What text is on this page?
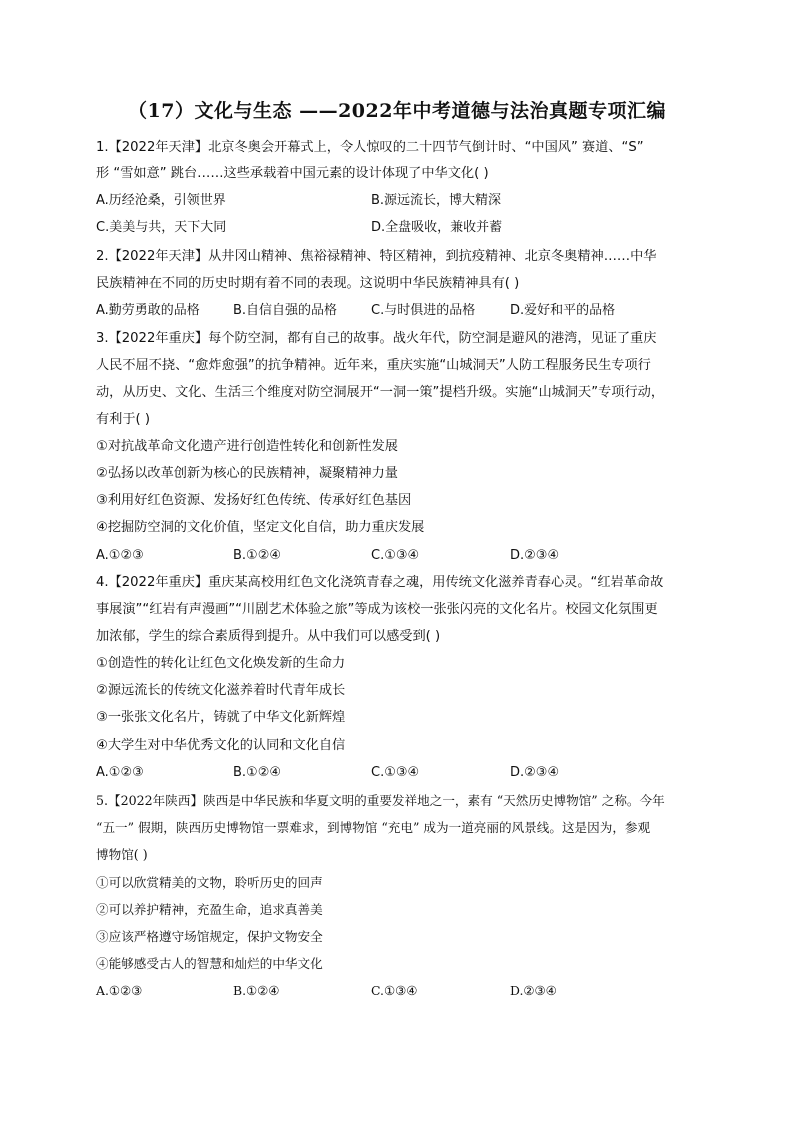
（17）文化与生态 ——2022年中考道德与法治真题专项汇编
1.【2022年天津】北京冬奥会开幕式上，令人惊叹的二十四节气倒计时、“中国风” 赛道、“S”
形 “雪如意” 跳台……这些承载着中国元素的设计体现了中华文化( )
A.历经沧桑，引领世界	B.源远流长，博大精深
C.美美与共，天下大同	D.全盘吸收，兼收并蓄
2.【2022年天津】从井冈山精神、焦裕禄精神、特区精神，到抗疫精神、北京冬奥精神……中华
民族精神在不同的历史时期有着不同的表现。这说明中华民族精神具有( )
A.勤劳勇敢的品格	B.自信自强的品格	C.与时俱进的品格	D.爱好和平的品格
3.【2022年重庆】每个防空洞，都有自己的故事。战火年代，防空洞是避风的港湾，见证了重庆
人民不屈不挠、“愈炸愈强”的抗争精神。近年来，重庆实施“山城洞天”人防工程服务民生专项行
动，从历史、文化、生活三个维度对防空洞展开“一洞一策”提档升级。实施“山城洞天”专项行动，
有利于( )
①对抗战革命文化遗产进行创造性转化和创新性发展
②弘扬以改革创新为核心的民族精神，凝聚精神力量
③利用好红色资源、发扬好红色传统、传承好红色基因
④挖掘防空洞的文化价值，坚定文化自信，助力重庆发展
A.①②③	B.①②④	C.①③④	D.②③④
4.【2022年重庆】重庆某高校用红色文化浇筑青春之魂，用传统文化滋养青春心灵。“红岩革命故
事展演”“红岩有声漫画”“川剧艺术体验之旅”等成为该校一张张闪亮的文化名片。校园文化氛围更
加浓郁，学生的综合素质得到提升。从中我们可以感受到( )
①创造性的转化让红色文化焕发新的生命力
②源远流长的传统文化滋养着时代青年成长
③一张张文化名片，铸就了中华文化新辉煌
④大学生对中华优秀文化的认同和文化自信
A.①②③	B.①②④	C.①③④	D.②③④
5.【2022年陕西】陕西是中华民族和华夏文明的重要发祥地之一，素有 “天然历史博物馆” 之称。今年
“五一” 假期，陕西历史博物馆一票难求，到博物馆 “充电” 成为一道亮丽的风景线。这是因为，参观
博物馆( )
①可以欣赏精美的文物，聆听历史的回声
②可以养护精神，充盈生命，追求真善美
③应该严格遵守场馆规定，保护文物安全
④能够感受古人的智慧和灿烂的中华文化
A.①②③	B.①②④	C.①③④	D.②③④
